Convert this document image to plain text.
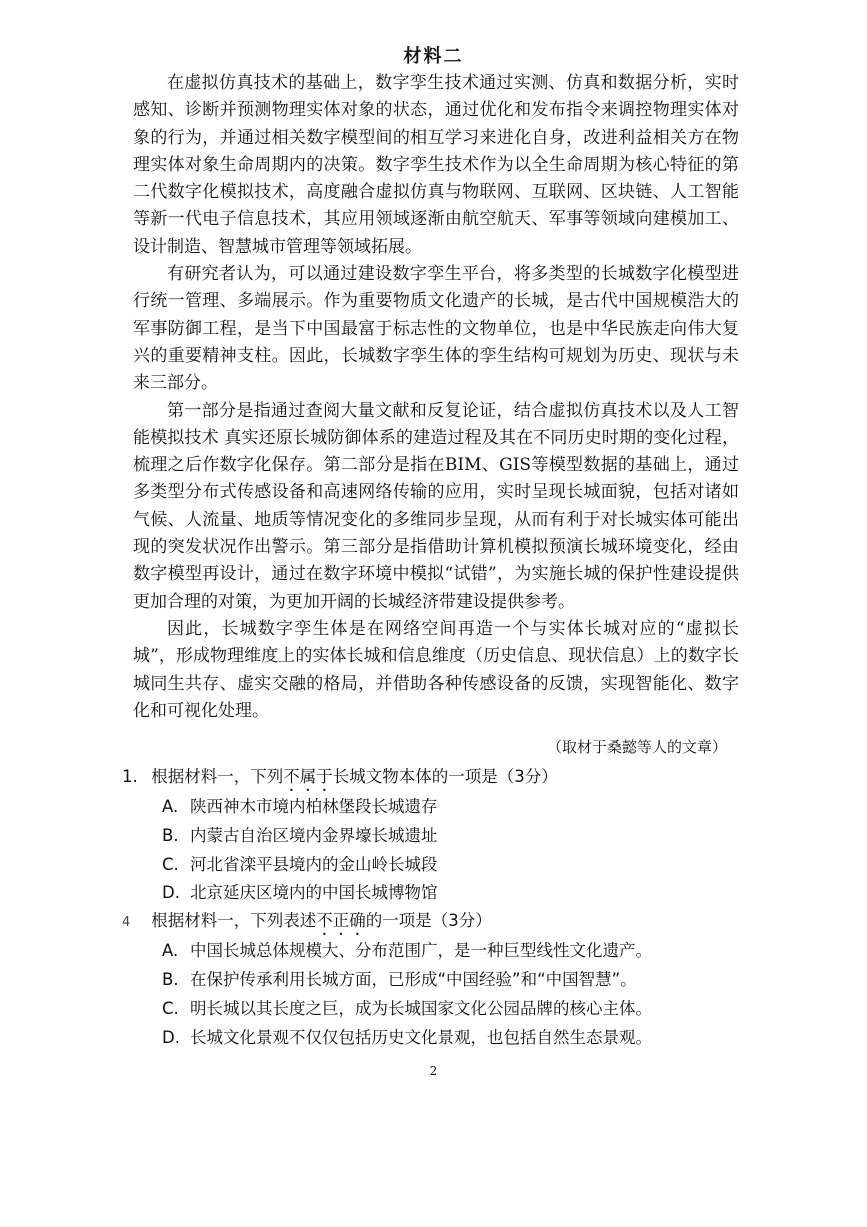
材料二

在虚拟仿真技术的基础上，数字孪生技术通过实测、仿真和数据分析，实时感知、诊断并预测物理实体对象的状态，通过优化和发布指令来调控物理实体对象的行为，并通过相关数字模型间的相互学习来进化自身，改进利益相关方在物理实体对象生命周期内的决策。数字孪生技术作为以全生命周期为核心特征的第二代数字化模拟技术，高度融合虚拟仿真与物联网、互联网、区块链、人工智能等新一代电子信息技术，其应用领域逐渐由航空航天、军事等领域向建模加工、设计制造、智慧城市管理等领域拓展。

有研究者认为，可以通过建设数字孪生平台，将多类型的长城数字化模型进行统一管理、多端展示。作为重要物质文化遗产的长城，是古代中国规模浩大的军事防御工程，是当下中国最富于标志性的文物单位，也是中华民族走向伟大复兴的重要精神支柱。因此，长城数字孪生体的孪生结构可规划为历史、现状与未来三部分。

第一部分是指通过查阅大量文献和反复论证，结合虚拟仿真技术以及人工智能模拟技术 真实还原长城防御体系的建造过程及其在不同历史时期的变化过程，梳理之后作数字化保存。第二部分是指在BIM、GIS等模型数据的基础上，通过多类型分布式传感设备和高速网络传输的应用，实时呈现长城面貌，包括对诸如气候、人流量、地质等情况变化的多维同步呈现，从而有利于对长城实体可能出现的突发状况作出警示。第三部分是指借助计算机模拟预演长城环境变化，经由数字模型再设计，通过在数字环境中模拟“试错”，为实施长城的保护性建设提供更加合理的对策，为更加开阔的长城经济带建设提供参考。

因此，长城数字孪生体是在网络空间再造一个与实体长城对应的“虚拟长城”，形成物理维度上的实体长城和信息维度（历史信息、现状信息）上的数字长城同生共存、虚实交融的格局，并借助各种传感设备的反馈，实现智能化、数字化和可视化处理。

（取材于桑懿等人的文章）
1. 根据材料一，下列不属于长城文物本体的一项是（3分）
A. 陕西神木市境内柏林堡段长城遗存
B. 内蒙古自治区境内金界壕长城遗址
C. 河北省滦平县境内的金山岭长城段
D. 北京延庆区境内的中国长城博物馆
4 根据材料一，下列表述不正确的一项是（3分）
A. 中国长城总体规模大、分布范围广，是一种巨型线性文化遗产。
B. 在保护传承利用长城方面，已形成“中国经验”和“中国智慧”。
C. 明长城以其长度之巨，成为长城国家文化公园品牌的核心主体。
D. 长城文化景观不仅仅包括历史文化景观，也包括自然生态景观。
2
